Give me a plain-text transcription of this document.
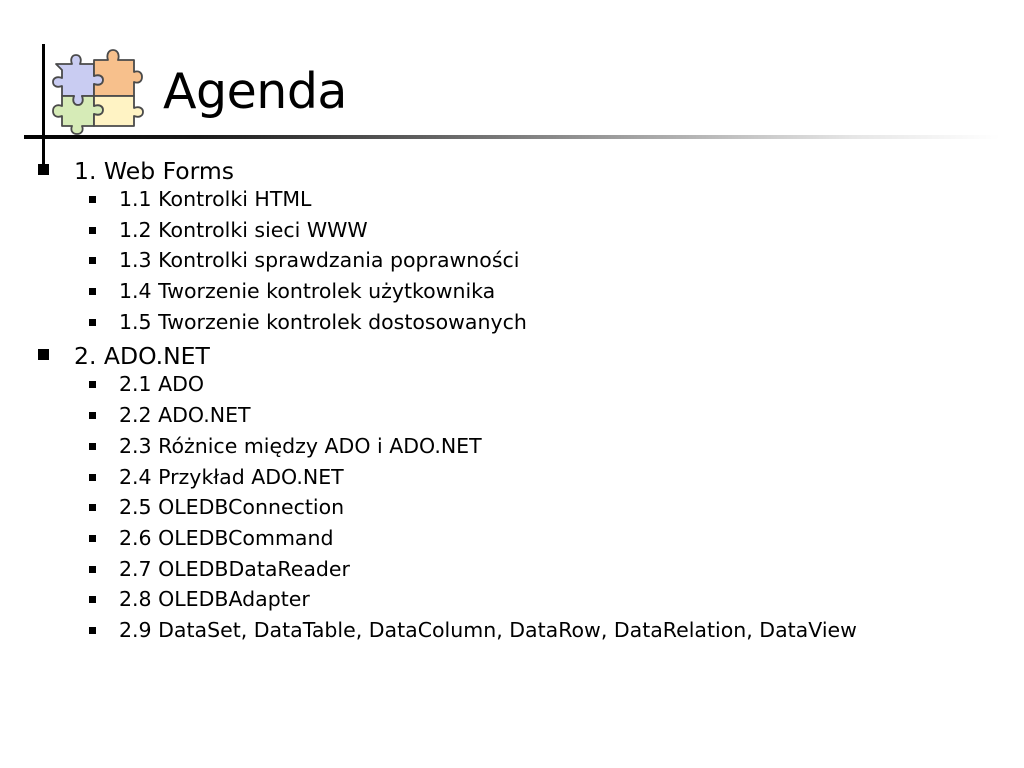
Agenda
1. Web Forms
1.1 Kontrolki HTML
1.2 Kontrolki sieci WWW
1.3 Kontrolki sprawdzania poprawności
1.4 Tworzenie kontrolek użytkownika
1.5 Tworzenie kontrolek dostosowanych
2. ADO.NET
2.1 ADO
2.2 ADO.NET
2.3 Różnice między ADO i ADO.NET
2.4 Przykład ADO.NET
2.5 OLEDBConnection
2.6 OLEDBCommand
2.7 OLEDBDataReader
2.8 OLEDBAdapter
2.9 DataSet, DataTable, DataColumn, DataRow, DataRelation, DataView
